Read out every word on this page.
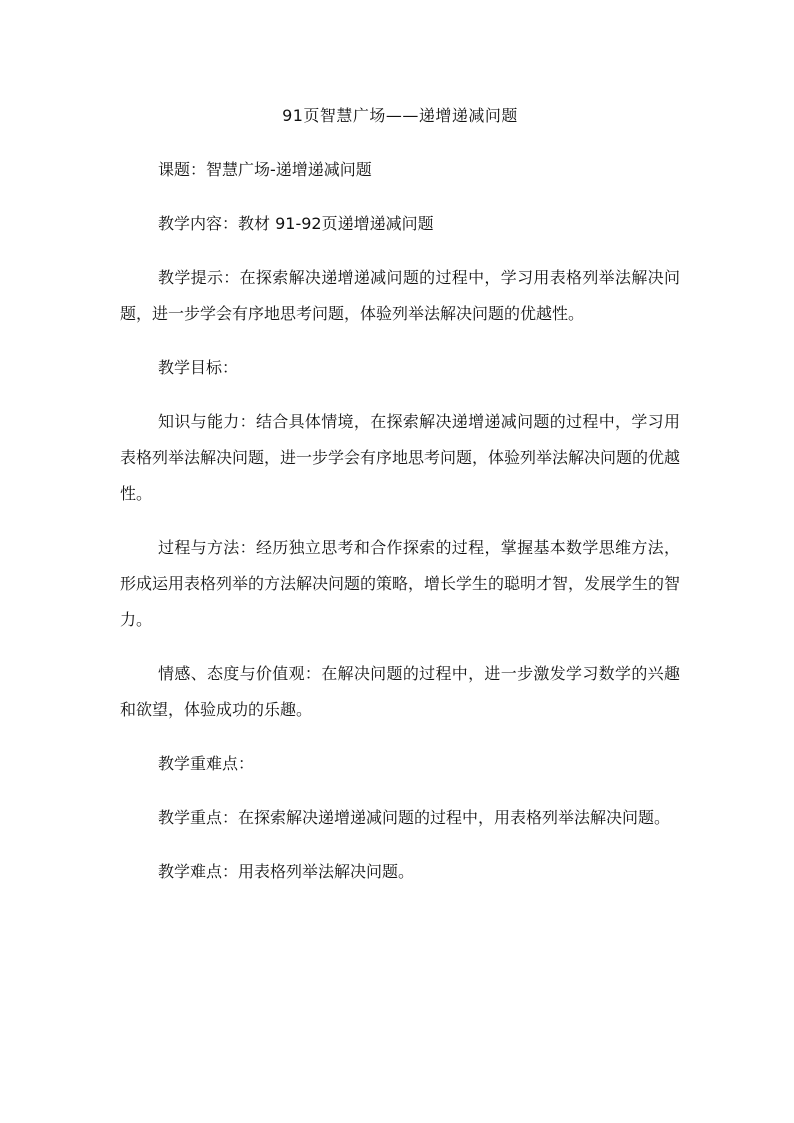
91页智慧广场——递增递减问题

课题：智慧广场-递增递减问题

教学内容：教材 91-92页递增递减问题

教学提示：在探索解决递增递减问题的过程中，学习用表格列举法解决问题，进一步学会有序地思考问题，体验列举法解决问题的优越性。

教学目标：

知识与能力：结合具体情境，在探索解决递增递减问题的过程中，学习用表格列举法解决问题，进一步学会有序地思考问题，体验列举法解决问题的优越性。

过程与方法：经历独立思考和合作探索的过程，掌握基本数学思维方法，形成运用表格列举的方法解决问题的策略，增长学生的聪明才智，发展学生的智力。

情感、态度与价值观：在解决问题的过程中，进一步激发学习数学的兴趣和欲望，体验成功的乐趣。

教学重难点：

教学重点：在探索解决递增递减问题的过程中，用表格列举法解决问题。

教学难点：用表格列举法解决问题。
